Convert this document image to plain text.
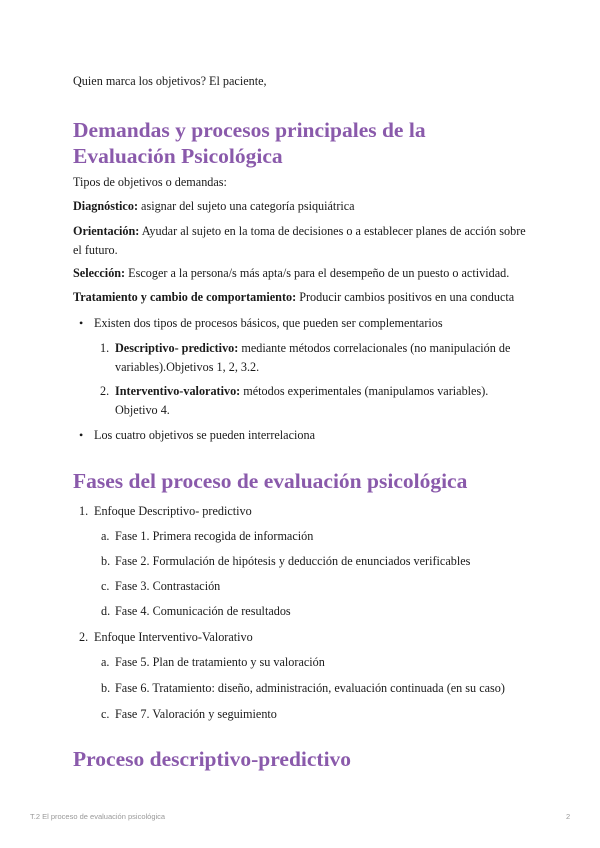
Quien marca los objetivos? El paciente,

Demandas y procesos principales de la
Evaluación Psicológica

Tipos de objetivos o demandas:

Diagnóstico: asignar del sujeto una categoría psiquiátrica

Orientación: Ayudar al sujeto en la toma de decisiones o a establecer planes de acción sobre el futuro.

Selección: Escoger a la persona/s más apta/s para el desempeño de un puesto o actividad.

Tratamiento y cambio de comportamiento: Producir cambios positivos en una conducta

• Existen dos tipos de procesos básicos, que pueden ser complementarios

1. Descriptivo- predictivo: mediante métodos correlacionales (no manipulación de variables).Objetivos 1, 2, 3.2.

2. Interventivo-valorativo: métodos experimentales (manipulamos variables). Objetivo 4.

• Los cuatro objetivos se pueden interrelaciona

Fases del proceso de evaluación psicológica
1. Enfoque Descriptivo- predictivo

a. Fase 1. Primera recogida de información

b. Fase 2. Formulación de hipótesis y deducción de enunciados verificables

c. Fase 3. Contrastación

d. Fase 4. Comunicación de resultados

2. Enfoque Interventivo-Valorativo

a. Fase 5. Plan de tratamiento y su valoración

b. Fase 6. Tratamiento: diseño, administración, evaluación continuada (en su caso)

c. Fase 7. Valoración y seguimiento

Proceso descriptivo-predictivo
T.2 El proceso de evaluación psicológica	2
